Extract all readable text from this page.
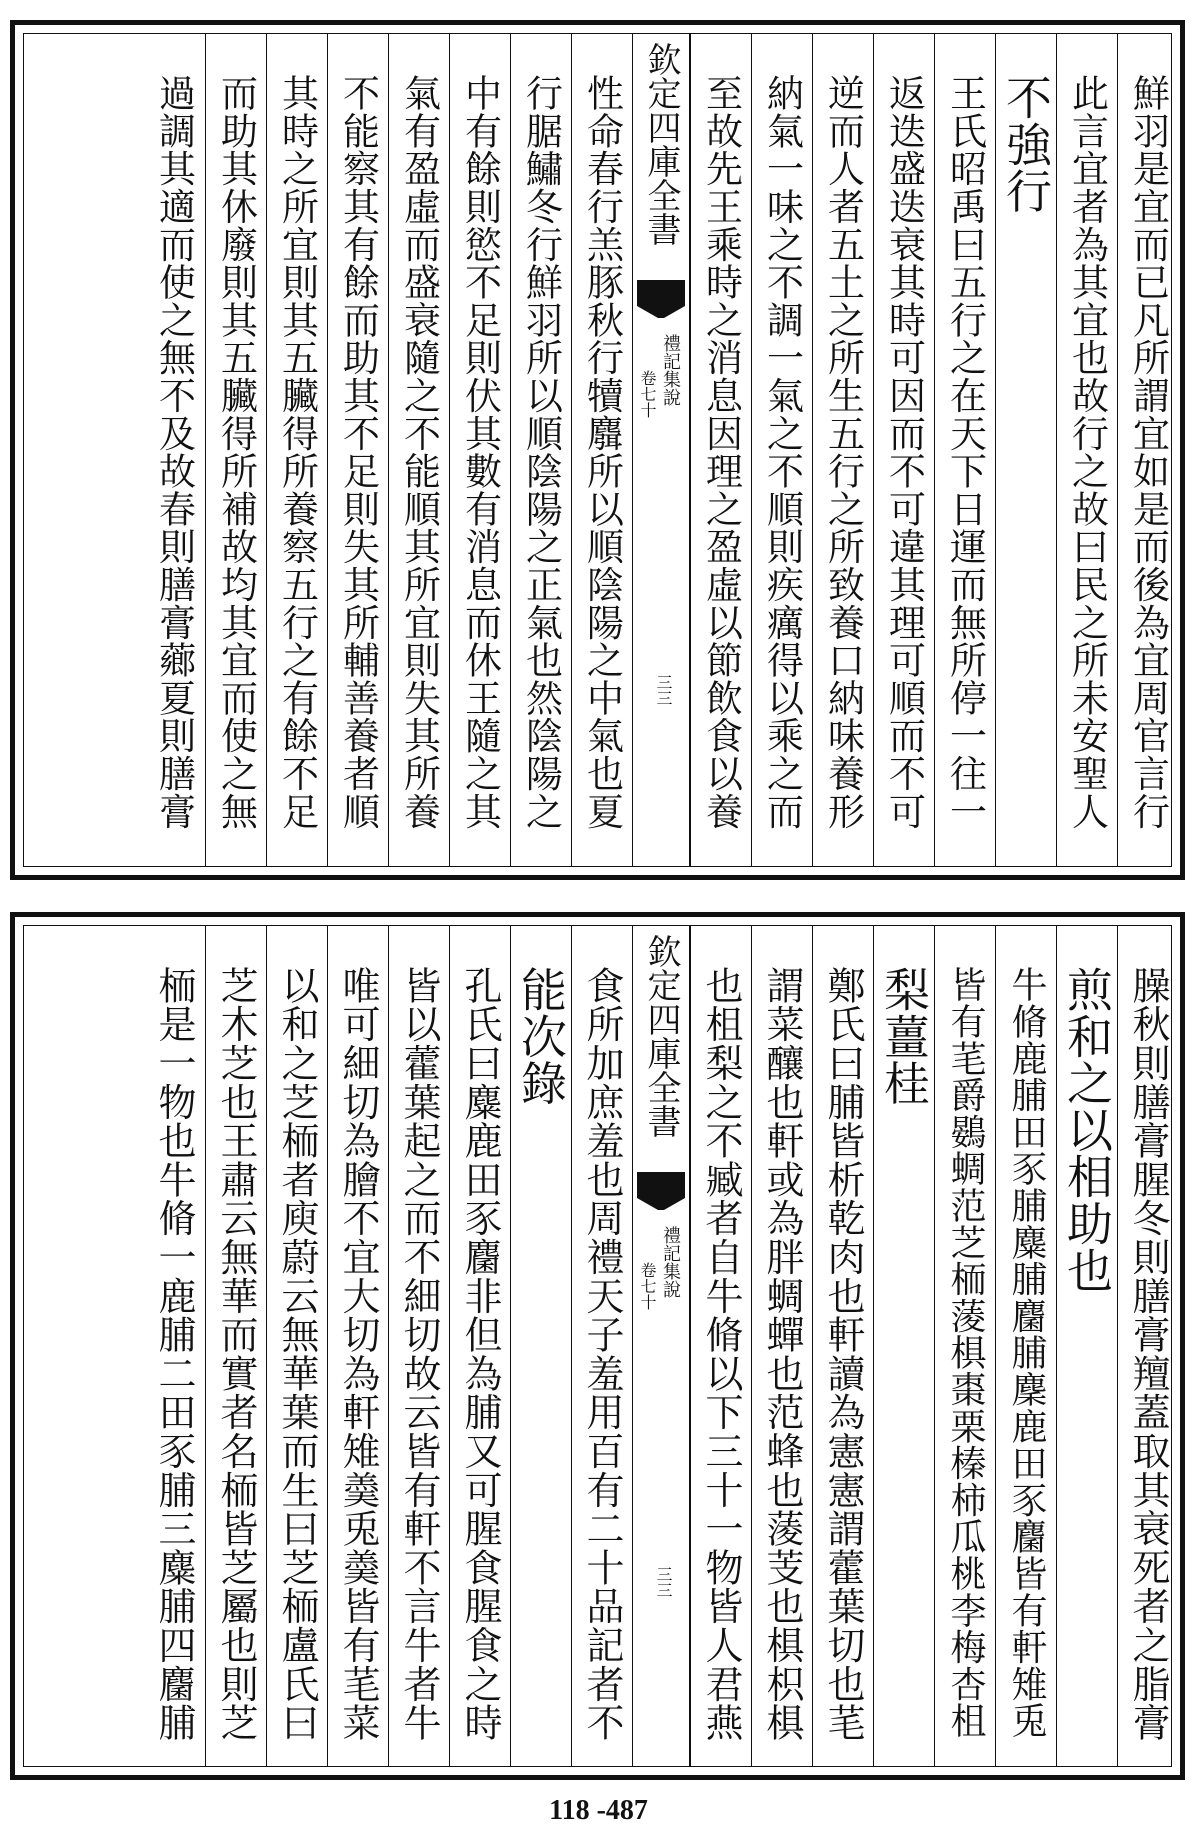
鮮羽是宜而已凡所謂宜如是而後為宜周官言行
此言宜者為其宜也故行之故曰民之所未安聖人
不強行
王氏昭禹曰五行之在天下日運而無所停一往一
返迭盛迭衰其時可因而不可違其理可順而不可
逆而人者五土之所生五行之所致養口納味養形
納氣一味之不調一氣之不順則疾癘得以乘之而
至故先王乘時之消息因理之盈虛以節飲食以養
欽定四庫全書
禮記集說
卷七十
三三
性命春行羔豚秋行犢麛所以順陰陽之中氣也夏
行腒鱐冬行鮮羽所以順陰陽之正氣也然陰陽之
中有餘則慾不足則伏其數有消息而休王隨之其
氣有盈虛而盛衰隨之不能順其所宜則失其所養
不能察其有餘而助其不足則失其所輔善養者順
其時之所宜則其五臟得所養察五行之有餘不足
而助其休廢則其五臟得所補故均其宜而使之無
過調其適而使之無不及故春則膳膏薌夏則膳膏
臊秋則膳膏腥冬則膳膏羶蓋取其衰死者之脂膏
煎和之以相助也
牛脩鹿脯田豕脯麋脯麕脯麇鹿田豕麕皆有軒雉兎
皆有芼爵鷃蜩范芝栭蔆椇棗栗榛柿瓜桃李梅杏柤
梨薑桂
鄭氏曰脯皆析乾肉也軒讀為憲憲謂藿葉切也芼
謂菜釀也軒或為胖蜩蟬也范蜂也蔆芰也椇枳椇
也柤梨之不臧者自牛脩以下三十一物皆人君燕
欽定四庫全書
禮記集說
卷七十
三三
食所加庶羞也周禮天子羞用百有二十品記者不
能次錄
孔氏曰麋鹿田豕麕非但為脯又可腥食腥食之時
皆以藿葉起之而不細切故云皆有軒不言牛者牛
唯可細切為膾不宜大切為軒雉羮兎羮皆有芼菜
以和之芝栭者庾蔚云無華葉而生曰芝栭盧氏曰
芝木芝也王肅云無華而實者名栭皆芝屬也則芝
栭是一物也牛脩一鹿脯二田豕脯三麋脯四麕脯
118 -487
